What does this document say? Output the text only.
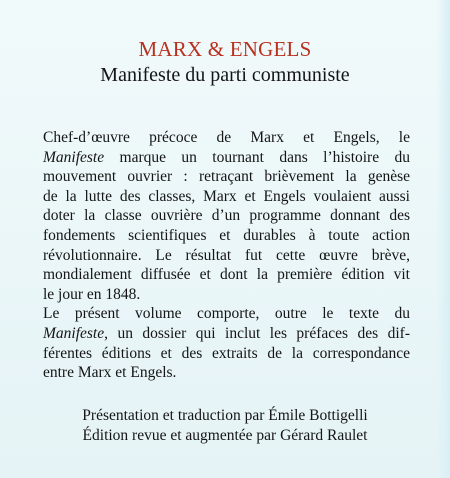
MARX & ENGELS
Manifeste du parti communiste
Chef-d’œuvre précoce de Marx et Engels, le
Manifeste marque un tournant dans l’histoire du
mouvement ouvrier : retraçant brièvement la genèse
de la lutte des classes, Marx et Engels voulaient aussi
doter la classe ouvrière d’un programme donnant des
fondements scientifiques et durables à toute action
révolutionnaire. Le résultat fut cette œuvre brève,
mondialement diffusée et dont la première édition vit
le jour en 1848.
Le présent volume comporte, outre le texte du
Manifeste, un dossier qui inclut les préfaces des dif-
férentes éditions et des extraits de la correspondance
entre Marx et Engels.
Présentation et traduction par Émile Bottigelli
Édition revue et augmentée par Gérard Raulet
